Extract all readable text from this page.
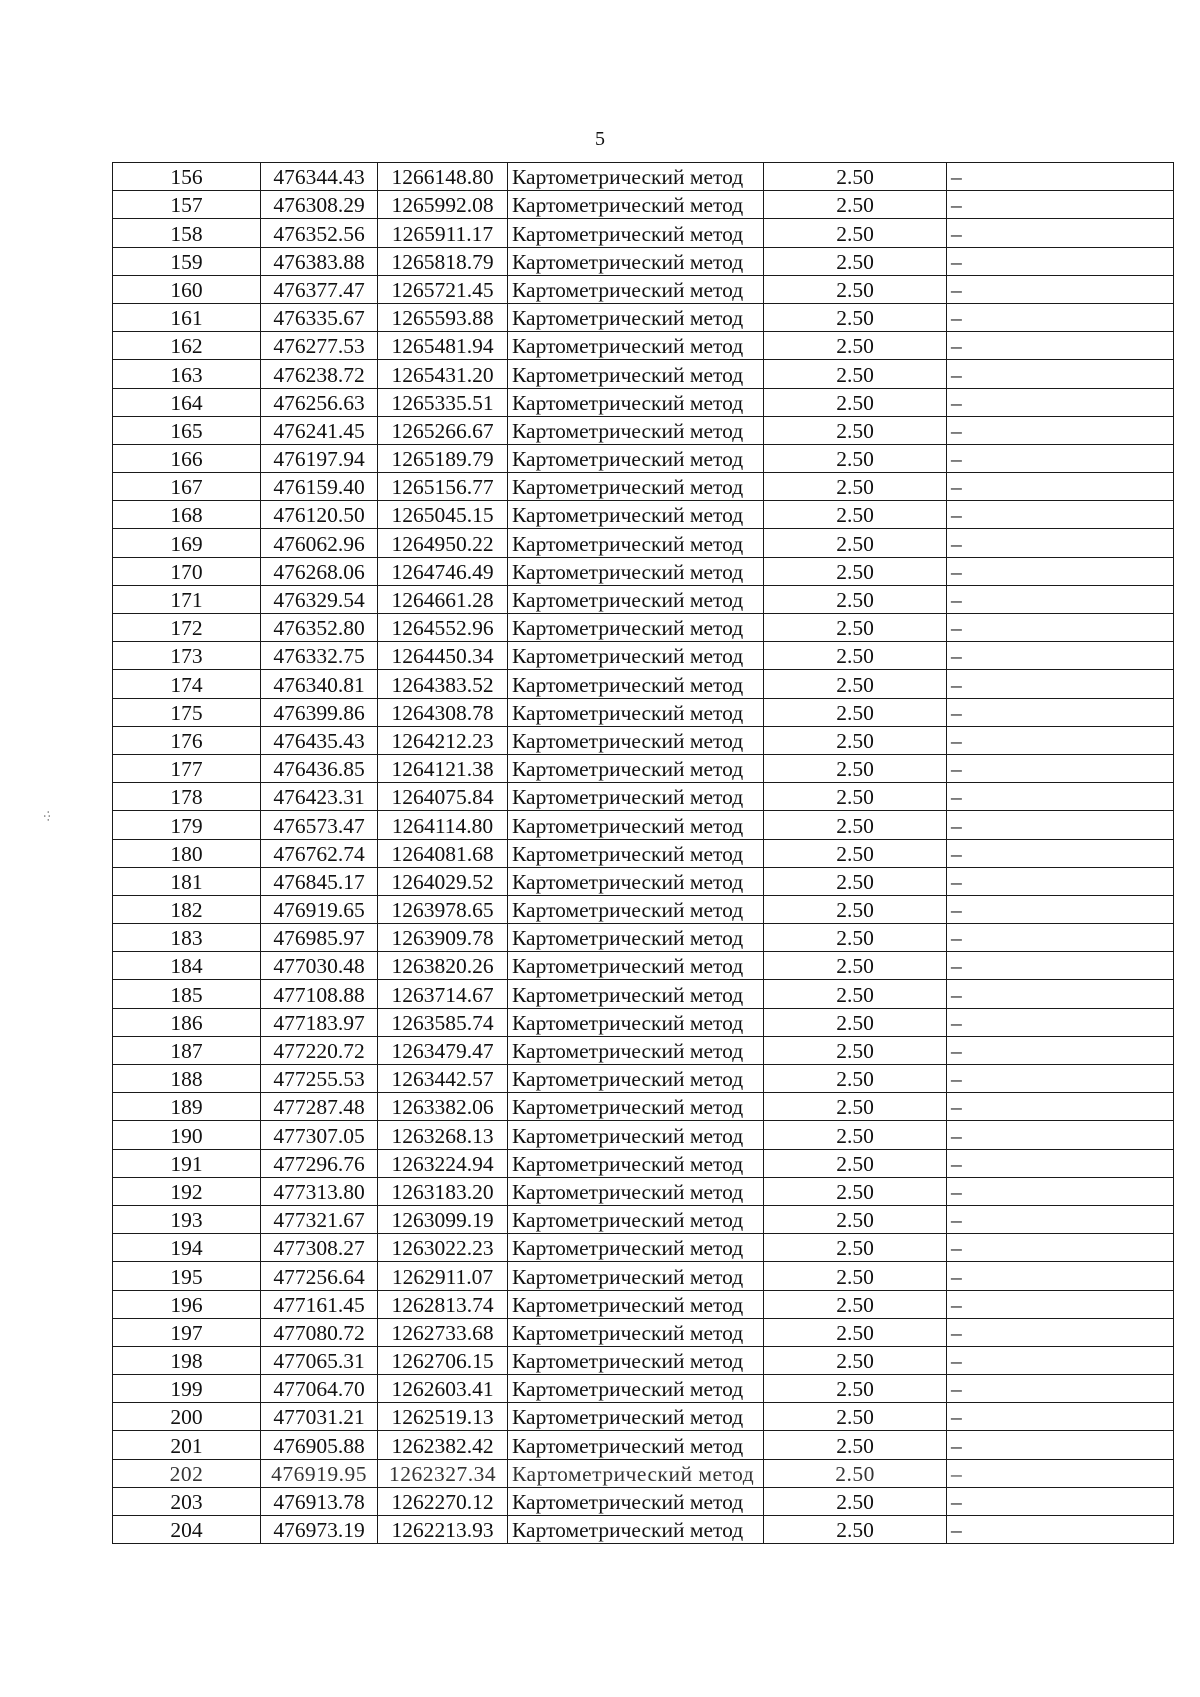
5
·:·
156	476344.43	1266148.80	Картометрический метод	2.50	–
157	476308.29	1265992.08	Картометрический метод	2.50	–
158	476352.56	1265911.17	Картометрический метод	2.50	–
159	476383.88	1265818.79	Картометрический метод	2.50	–
160	476377.47	1265721.45	Картометрический метод	2.50	–
161	476335.67	1265593.88	Картометрический метод	2.50	–
162	476277.53	1265481.94	Картометрический метод	2.50	–
163	476238.72	1265431.20	Картометрический метод	2.50	–
164	476256.63	1265335.51	Картометрический метод	2.50	–
165	476241.45	1265266.67	Картометрический метод	2.50	–
166	476197.94	1265189.79	Картометрический метод	2.50	–
167	476159.40	1265156.77	Картометрический метод	2.50	–
168	476120.50	1265045.15	Картометрический метод	2.50	–
169	476062.96	1264950.22	Картометрический метод	2.50	–
170	476268.06	1264746.49	Картометрический метод	2.50	–
171	476329.54	1264661.28	Картометрический метод	2.50	–
172	476352.80	1264552.96	Картометрический метод	2.50	–
173	476332.75	1264450.34	Картометрический метод	2.50	–
174	476340.81	1264383.52	Картометрический метод	2.50	–
175	476399.86	1264308.78	Картометрический метод	2.50	–
176	476435.43	1264212.23	Картометрический метод	2.50	–
177	476436.85	1264121.38	Картометрический метод	2.50	–
178	476423.31	1264075.84	Картометрический метод	2.50	–
179	476573.47	1264114.80	Картометрический метод	2.50	–
180	476762.74	1264081.68	Картометрический метод	2.50	–
181	476845.17	1264029.52	Картометрический метод	2.50	–
182	476919.65	1263978.65	Картометрический метод	2.50	–
183	476985.97	1263909.78	Картометрический метод	2.50	–
184	477030.48	1263820.26	Картометрический метод	2.50	–
185	477108.88	1263714.67	Картометрический метод	2.50	–
186	477183.97	1263585.74	Картометрический метод	2.50	–
187	477220.72	1263479.47	Картометрический метод	2.50	–
188	477255.53	1263442.57	Картометрический метод	2.50	–
189	477287.48	1263382.06	Картометрический метод	2.50	–
190	477307.05	1263268.13	Картометрический метод	2.50	–
191	477296.76	1263224.94	Картометрический метод	2.50	–
192	477313.80	1263183.20	Картометрический метод	2.50	–
193	477321.67	1263099.19	Картометрический метод	2.50	–
194	477308.27	1263022.23	Картометрический метод	2.50	–
195	477256.64	1262911.07	Картометрический метод	2.50	–
196	477161.45	1262813.74	Картометрический метод	2.50	–
197	477080.72	1262733.68	Картометрический метод	2.50	–
198	477065.31	1262706.15	Картометрический метод	2.50	–
199	477064.70	1262603.41	Картометрический метод	2.50	–
200	477031.21	1262519.13	Картометрический метод	2.50	–
201	476905.88	1262382.42	Картометрический метод	2.50	–
202	476919.95	1262327.34	Картометрический метод	2.50	–
203	476913.78	1262270.12	Картометрический метод	2.50	–
204	476973.19	1262213.93	Картометрический метод	2.50	–
